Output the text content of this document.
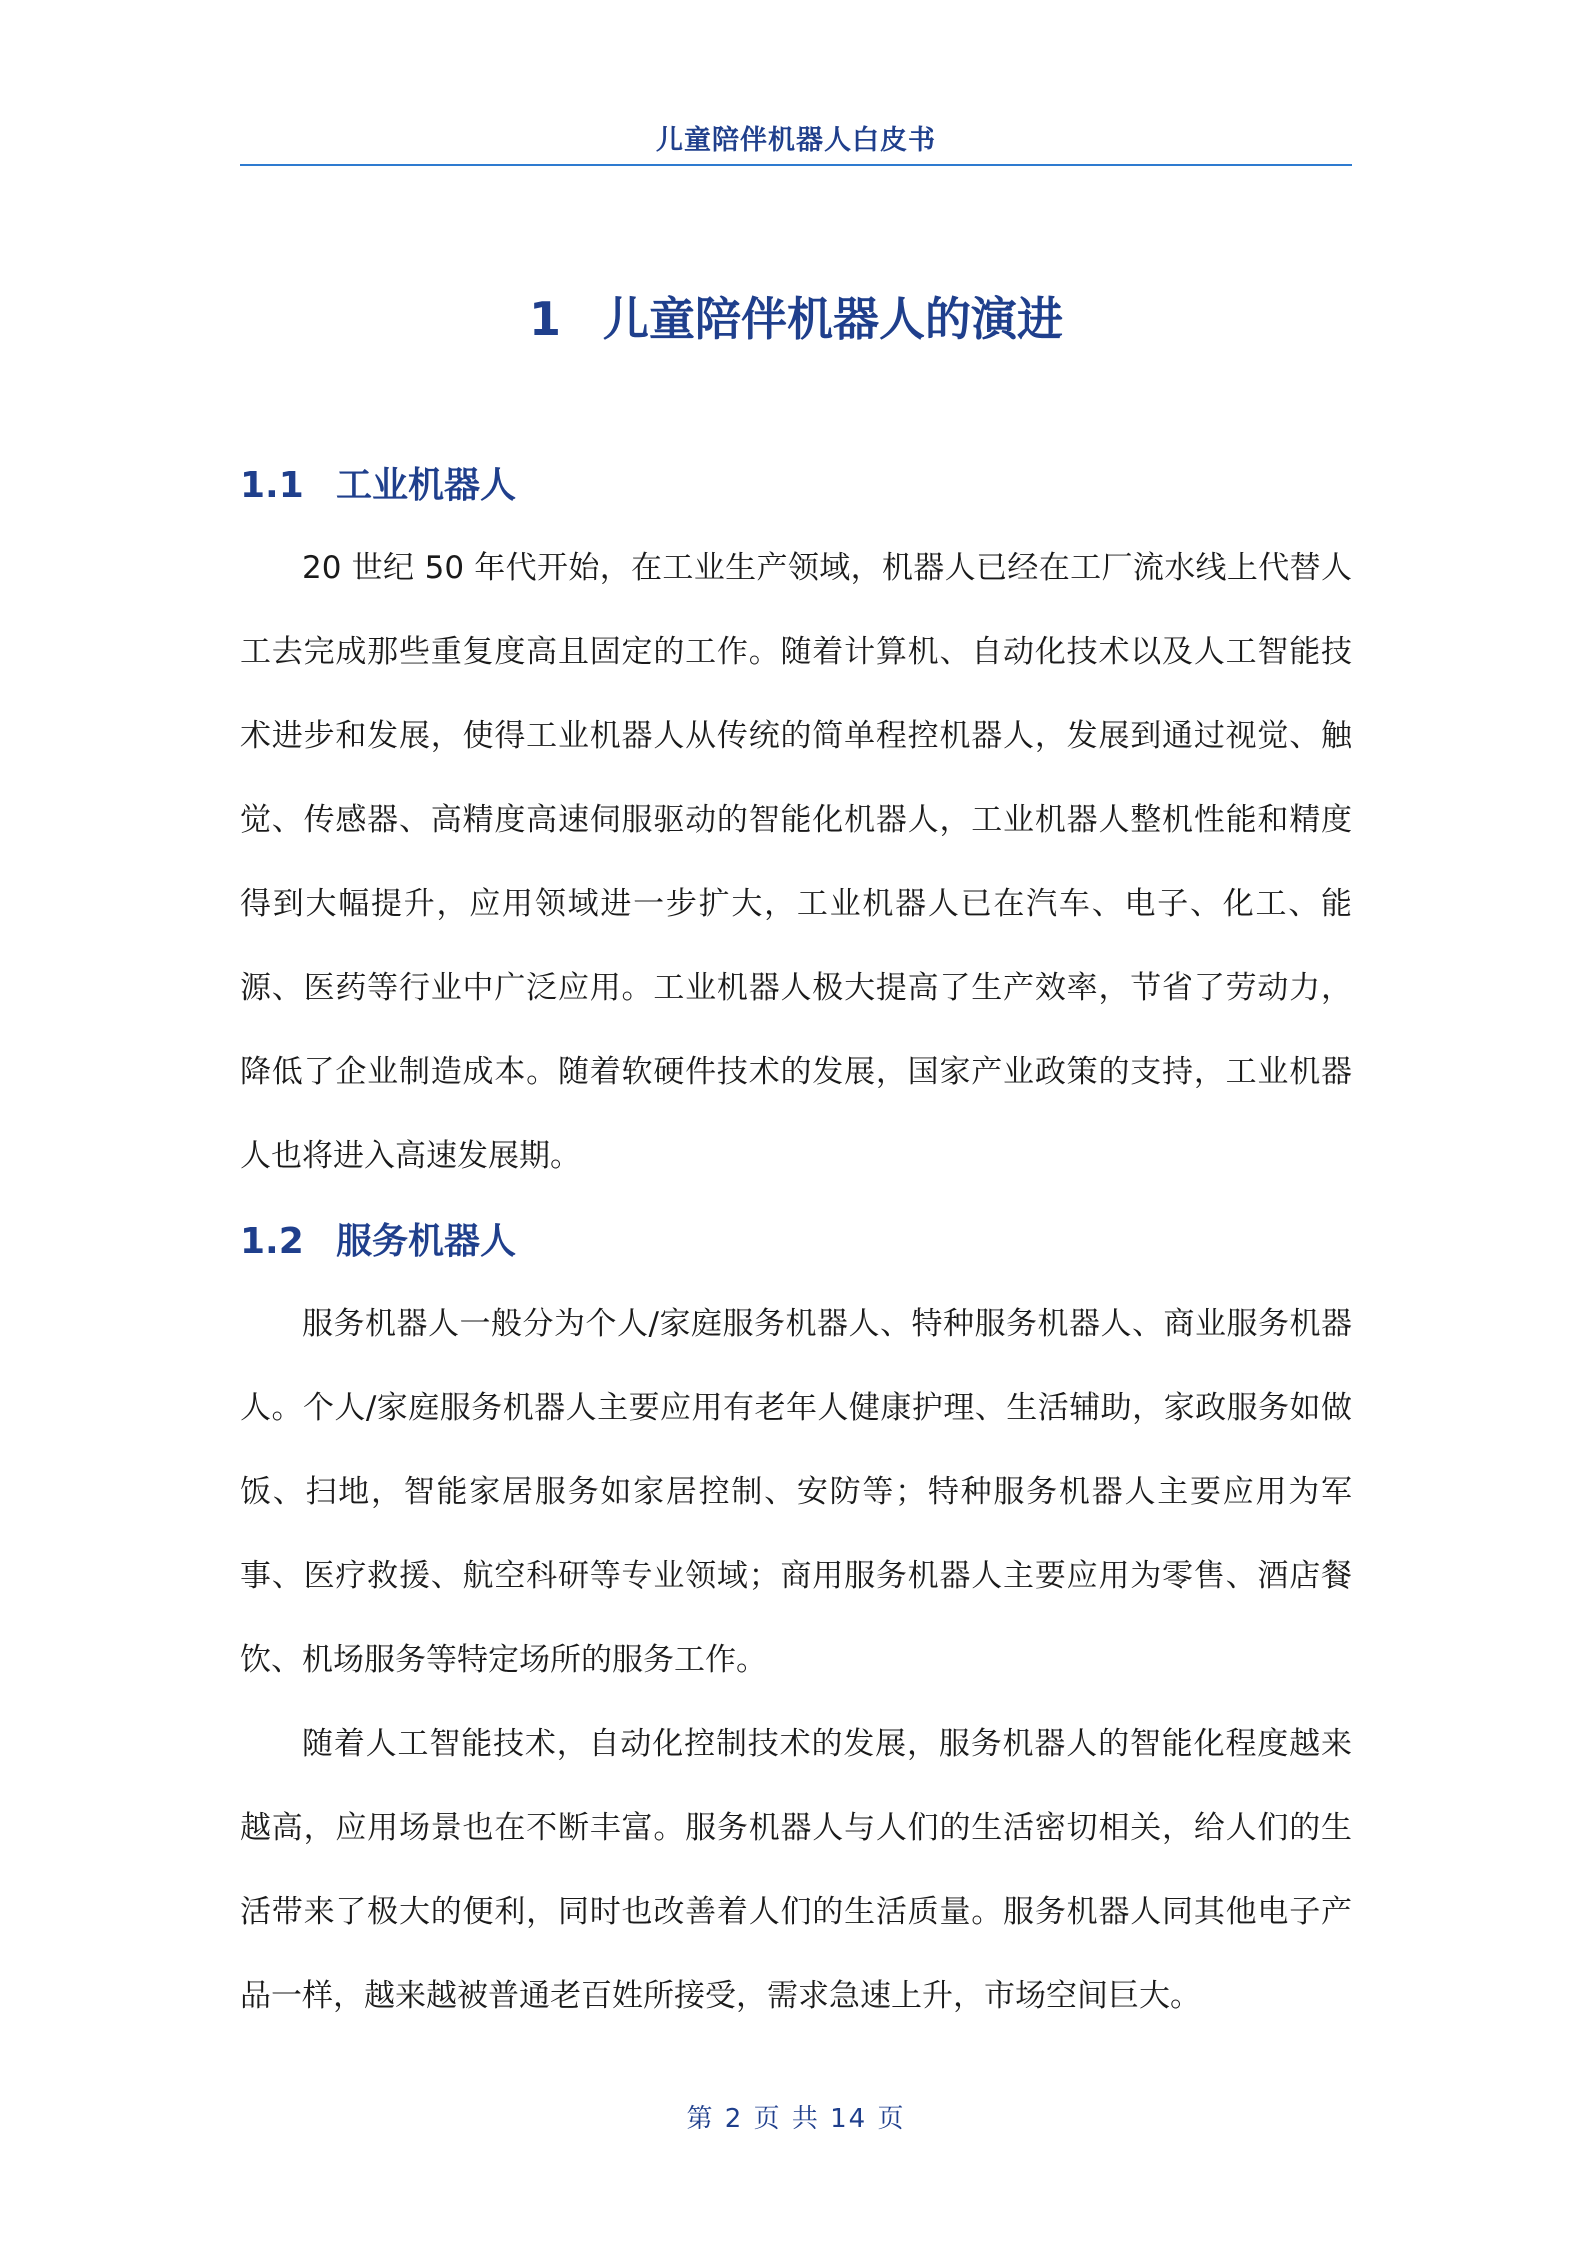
儿童陪伴机器人白皮书
1 儿童陪伴机器人的演进
1.1 工业机器人

20 世纪 50 年代开始，在工业生产领域，机器人已经在工厂流水线上代替人工去完成那些重复度高且固定的工作。随着计算机、自动化技术以及人工智能技术进步和发展，使得工业机器人从传统的简单程控机器人，发展到通过视觉、触觉、传感器、高精度高速伺服驱动的智能化机器人，工业机器人整机性能和精度得到大幅提升，应用领域进一步扩大，工业机器人已在汽车、电子、化工、能源、医药等行业中广泛应用。工业机器人极大提高了生产效率，节省了劳动力，降低了企业制造成本。随着软硬件技术的发展，国家产业政策的支持，工业机器人也将进入高速发展期。

1.2 服务机器人

服务机器人一般分为个人/家庭服务机器人、特种服务机器人、商业服务机器人。个人/家庭服务机器人主要应用有老年人健康护理、生活辅助，家政服务如做饭、扫地，智能家居服务如家居控制、安防等；特种服务机器人主要应用为军事、医疗救援、航空科研等专业领域；商用服务机器人主要应用为零售、酒店餐饮、机场服务等特定场所的服务工作。

随着人工智能技术，自动化控制技术的发展，服务机器人的智能化程度越来越高，应用场景也在不断丰富。服务机器人与人们的生活密切相关，给人们的生活带来了极大的便利，同时也改善着人们的生活质量。服务机器人同其他电子产品一样，越来越被普通老百姓所接受，需求急速上升，市场空间巨大。

第 2 页 共 14 页
